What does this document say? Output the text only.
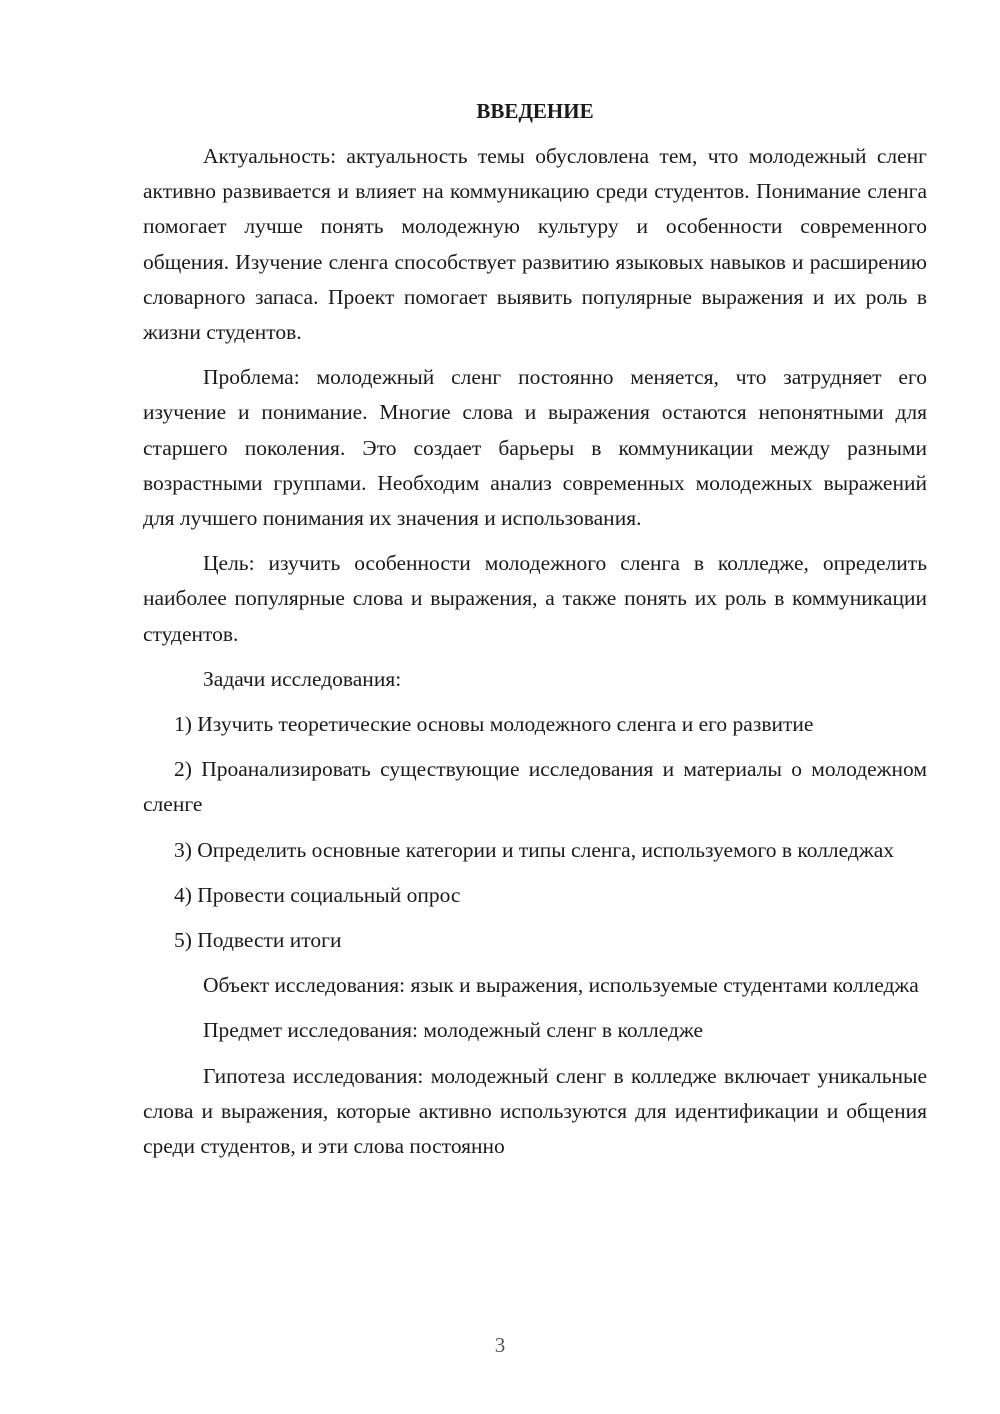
ВВЕДЕНИЕ

Актуальность: актуальность темы обусловлена тем, что молодежный сленг активно развивается и влияет на коммуникацию среди студентов. Понимание сленга помогает лучше понять молодежную культуру и особенности современного общения. Изучение сленга способствует развитию языковых навыков и расширению словарного запаса. Проект помогает выявить популярные выражения и их роль в жизни студентов.

Проблема: молодежный сленг постоянно меняется, что затрудняет его изучение и понимание. Многие слова и выражения остаются непонятными для старшего поколения. Это создает барьеры в коммуникации между разными возрастными группами. Необходим анализ современных молодежных выражений для лучшего понимания их значения и использования.

Цель: изучить особенности молодежного сленга в колледже, определить наиболее популярные слова и выражения, а также понять их роль в коммуникации студентов.

Задачи исследования:

1) Изучить теоретические основы молодежного сленга и его развитие

2) Проанализировать существующие исследования и материалы о молодежном сленге

3) Определить основные категории и типы сленга, используемого в колледжах

4) Провести социальный опрос

5) Подвести итоги

Объект исследования: язык и выражения, используемые студентами колледжа

Предмет исследования: молодежный сленг в колледже

Гипотеза исследования: молодежный сленг в колледже включает уникальные слова и выражения, которые активно используются для идентификации и общения среди студентов, и эти слова постоянно

3
